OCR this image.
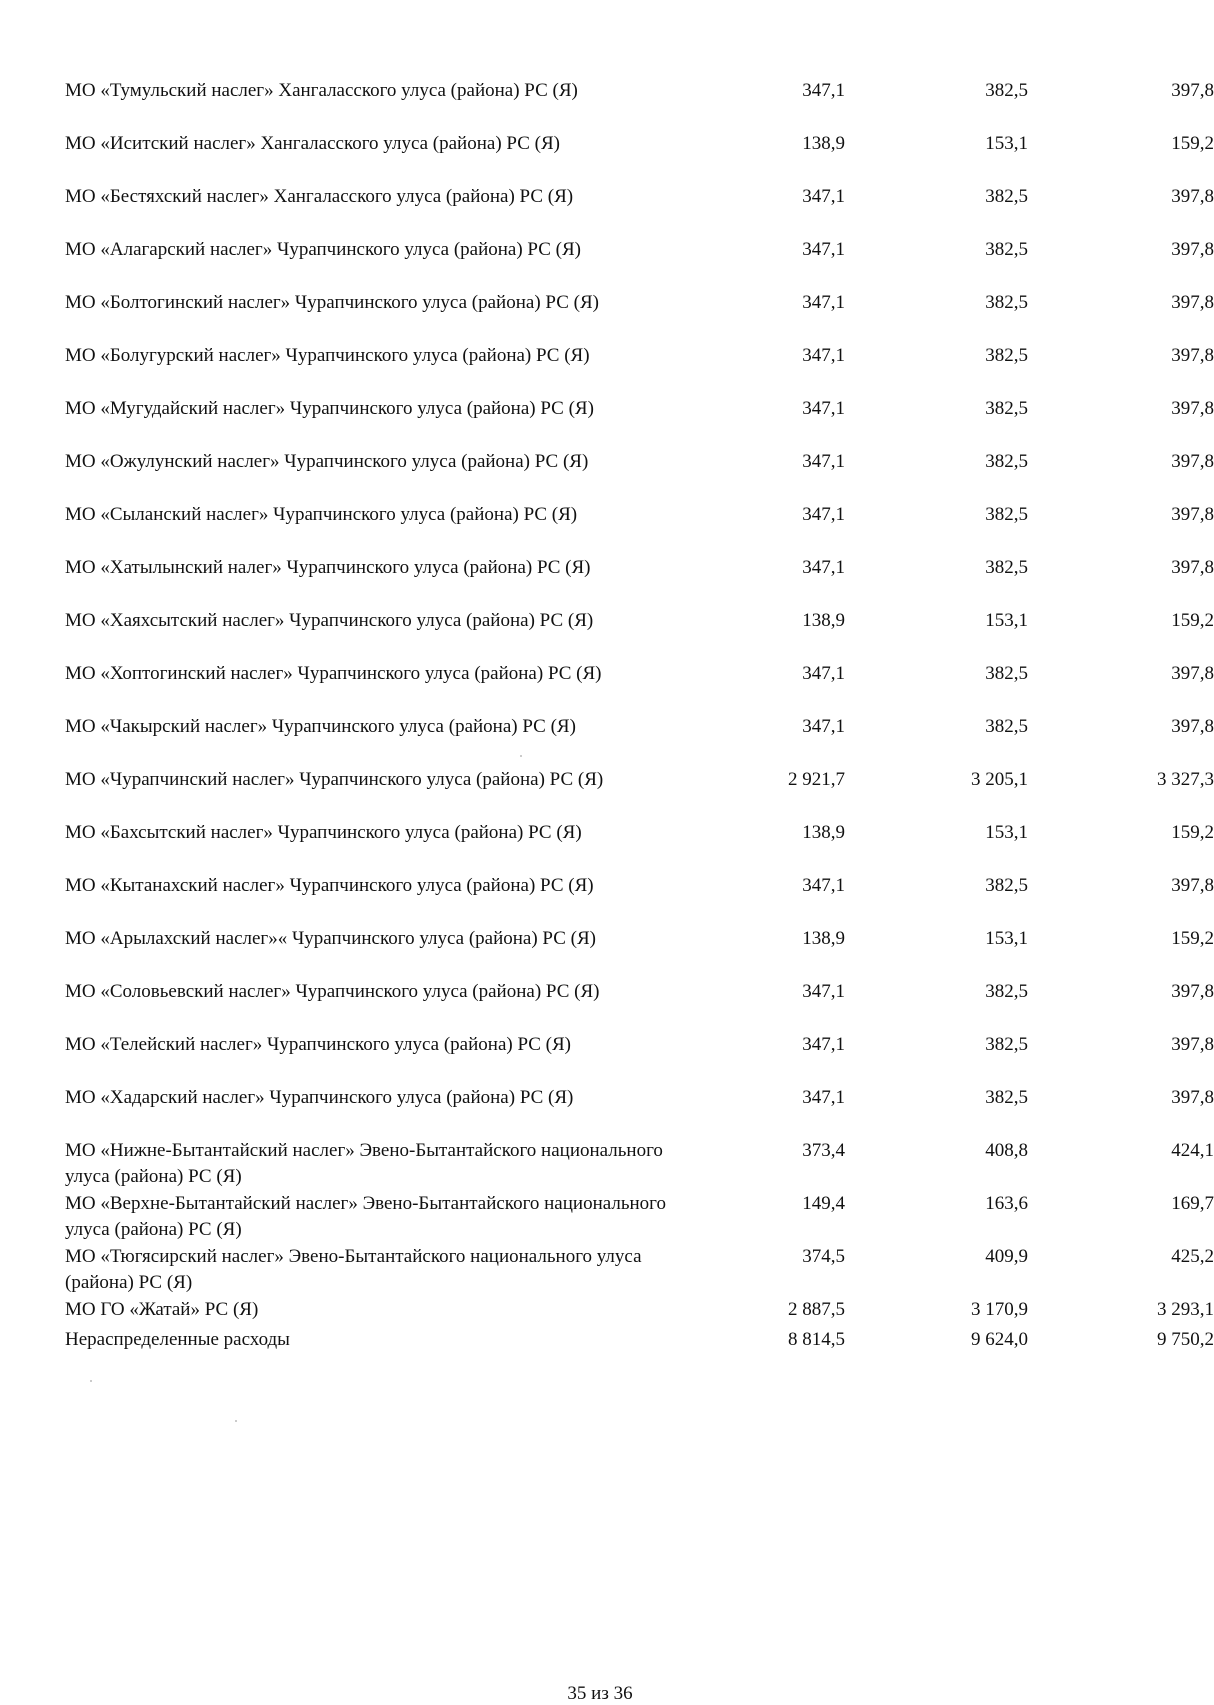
МО «Тумульский наслег» Хангаласского улуса (района) РС (Я)	347,1	382,5	397,8
МО «Иситский наслег» Хангаласского улуса (района) РС (Я)	138,9	153,1	159,2
МО «Бестяхский наслег» Хангаласского улуса (района) РС (Я)	347,1	382,5	397,8
МО «Алагарский наслег» Чурапчинского улуса (района) РС (Я)	347,1	382,5	397,8
МО «Болтогинский наслег» Чурапчинского улуса (района) РС (Я)	347,1	382,5	397,8
МО «Болугурский наслег» Чурапчинского улуса (района) РС (Я)	347,1	382,5	397,8
МО «Мугудайский наслег» Чурапчинского улуса (района) РС (Я)	347,1	382,5	397,8
МО «Ожулунский наслег» Чурапчинского улуса (района) РС (Я)	347,1	382,5	397,8
МО «Сыланский наслег» Чурапчинского улуса (района) РС (Я)	347,1	382,5	397,8
МО «Хатылынский налег» Чурапчинского улуса (района) РС (Я)	347,1	382,5	397,8
МО «Хаяхсытский наслег» Чурапчинского улуса (района) РС (Я)	138,9	153,1	159,2
МО «Хоптогинский наслег» Чурапчинского улуса (района) РС (Я)	347,1	382,5	397,8
МО «Чакырский наслег» Чурапчинского улуса (района) РС (Я)	347,1	382,5	397,8
МО «Чурапчинский наслег» Чурапчинского улуса (района) РС (Я)	2 921,7	3 205,1	3 327,3
МО «Бахсытский наслег» Чурапчинского улуса (района) РС (Я)	138,9	153,1	159,2
МО «Кытанахский наслег» Чурапчинского улуса (района) РС (Я)	347,1	382,5	397,8
МО «Арылахский наслег»« Чурапчинского улуса (района) РС (Я)	138,9	153,1	159,2
МО «Соловьевский наслег» Чурапчинского улуса (района) РС (Я)	347,1	382,5	397,8
МО «Телейский наслег» Чурапчинского улуса (района) РС (Я)	347,1	382,5	397,8
МО «Хадарский наслег» Чурапчинского улуса (района) РС (Я)	347,1	382,5	397,8
МО «Нижне-Бытантайский наслег» Эвено-Бытантайского национального улуса (района) РС (Я)	373,4	408,8	424,1
МО «Верхне-Бытантайский наслег» Эвено-Бытантайского национального улуса (района) РС (Я)	149,4	163,6	169,7
МО «Тюгясирский наслег» Эвено-Бытантайского национального улуса (района) РС (Я)	374,5	409,9	425,2
МО ГО «Жатай» РС (Я)	2 887,5	3 170,9	3 293,1
Нераспределенные расходы	8 814,5	9 624,0	9 750,2
35 из 36
